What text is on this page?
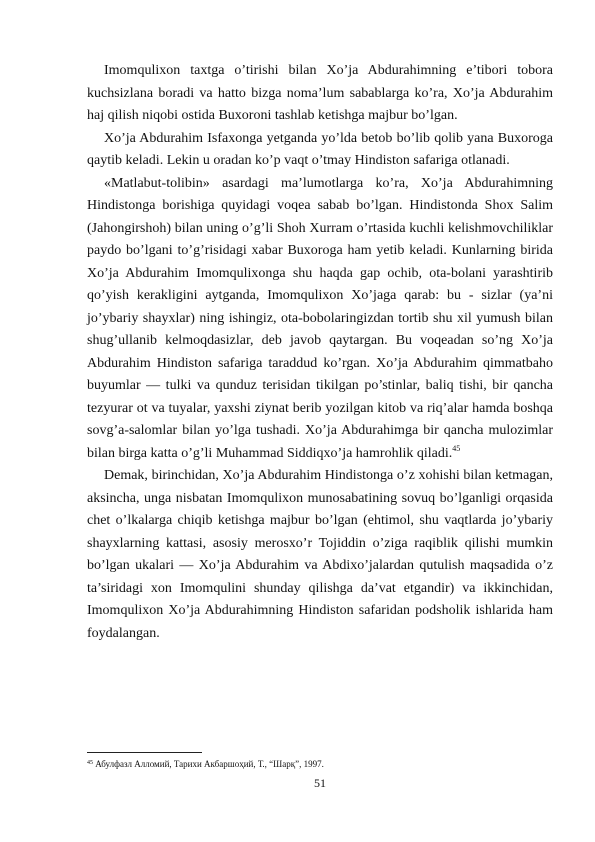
Imomqulixon taxtga o’tirishi bilan Xo’ja Abdurahimning e’tibori tobora kuchsizlana boradi va hatto bizga noma’lum sabablarga ko’ra, Xo’ja Abdurahim haj qilish niqobi ostida Buxoroni tashlab ketishga majbur bo’lgan.

Xo’ja Abdurahim Isfaxonga yetganda yo’lda betob bo’lib qolib yana Buxoroga qaytib keladi. Lekin u oradan ko’p vaqt o’tmay Hindiston safariga otlanadi.

«Matlabut-tolibin» asardagi ma’lumotlarga ko’ra, Xo’ja Abdurahimning Hindistonga borishiga quyidagi voqea sabab bo’lgan. Hindistonda Shox Salim (Jahongirshoh) bilan uning o’g’li Shoh Xurram o’rtasida kuchli kelishmovchiliklar paydo bo’lgani to’g’risidagi xabar Buxoroga ham yetib keladi. Kunlarning birida Xo’ja Abdurahim Imomqulixonga shu haqda gap ochib, ota-bolani yarashtirib qo’yish kerakligini aytganda, Imomqulixon Xo’jaga qarab: bu - sizlar (ya’ni jo’ybariy shayxlar) ning ishingiz, ota-bobolaringizdan tortib shu xil yumush bilan shug’ullanib kelmoqdasizlar, deb javob qaytargan. Bu voqeadan so’ng Xo’ja Abdurahim Hindiston safariga taraddud ko’rgan. Xo’ja Abdurahim qimmatbaho buyumlar — tulki va qunduz terisidan tikilgan po’stinlar, baliq tishi, bir qancha tezyurar ot va tuyalar, yaxshi ziynat berib yozilgan kitob va riq’alar hamda boshqa sovg’a-salomlar bilan yo’lga tushadi. Xo’ja Abdurahimga bir qancha mulozimlar bilan birga katta o’g’li Muhammad Siddiqxo’ja hamrohlik qiladi.$^{45}$

Demak, birinchidan, Xo’ja Abdurahim Hindistonga o’z xohishi bilan ketmagan, aksincha, unga nisbatan Imomqulixon munosabatining sovuq bo’lganligi orqasida chet o’lkalarga chiqib ketishga majbur bo’lgan (ehtimol, shu vaqtlarda jo’ybariy shayxlarning kattasi, asosiy merosxo’r Tojiddin o’ziga raqiblik qilishi mumkin bo’lgan ukalari — Xo’ja Abdurahim va Abdixo’jalardan qutulish maqsadida o’z ta’siridagi xon Imomqulini shunday qilishga da’vat etgandir) va ikkinchidan, Imomqulixon Xo’ja Abdurahimning Hindiston safaridan podsholik ishlarida ham foydalangan.

$^{45}$ Абулфазл Алломий, Тарихи Акбаршоҳий, Т., “Шарқ”, 1997.

51
